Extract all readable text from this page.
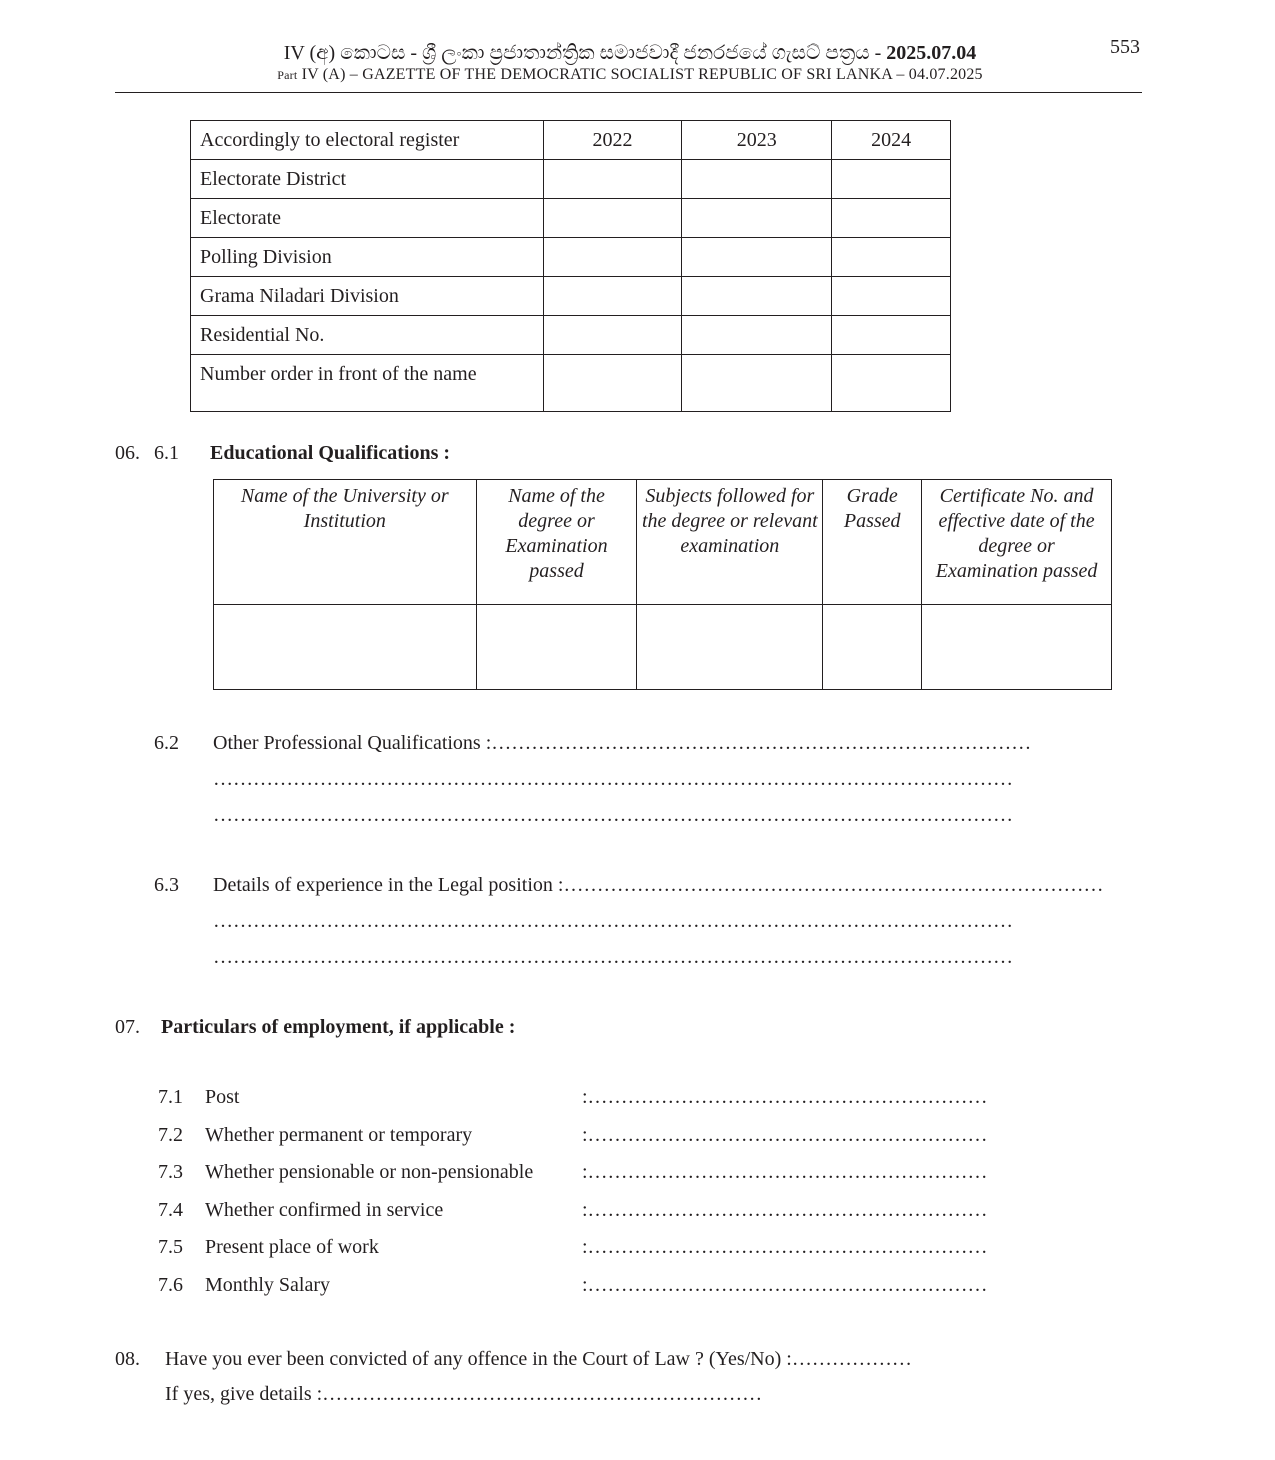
IV (අ) කොටස - ශ්‍රී ලංකා ප්‍රජාතාන්ත්‍රික සමාජවාදී ජනරජයේ ගැසට් පත්‍රය - 2025.07.04
Part IV (A) – GAZETTE OF THE DEMOCRATIC SOCIALIST REPUBLIC OF SRI LANKA – 04.07.2025
553
Accordingly to electoral register	2022	2023	2024
Electorate District			
Electorate			
Polling Division			
Grama Niladari Division			
Residential No.			
Number order in front of the name			
06. 6.1 Educational Qualifications :
Name of the University or Institution	Name of the degree or Examination passed	Subjects followed for the degree or relevant examination	Grade Passed	Certificate No. and effective date of the degree or Examination passed

6.2 Other Professional Qualifications :………………………………………………………………………
…………………………………………………………………………………………………………
…………………………………………………………………………………………………………
6.3 Details of experience in the Legal position :………………………………………………………………………
…………………………………………………………………………………………………………
…………………………………………………………………………………………………………
07. Particulars of employment, if applicable :
7.1 Post	:……………………………………………………
7.2 Whether permanent or temporary	:……………………………………………………
7.3 Whether pensionable or non-pensionable :……………………………………………………
7.4 Whether confirmed in service	:……………………………………………………
7.5 Present place of work	:……………………………………………………
7.6 Monthly Salary	:……………………………………………………
08. Have you ever been convicted of any offence in the Court of Law ? (Yes/No) :………………
If yes, give details :…………………………………………………………
